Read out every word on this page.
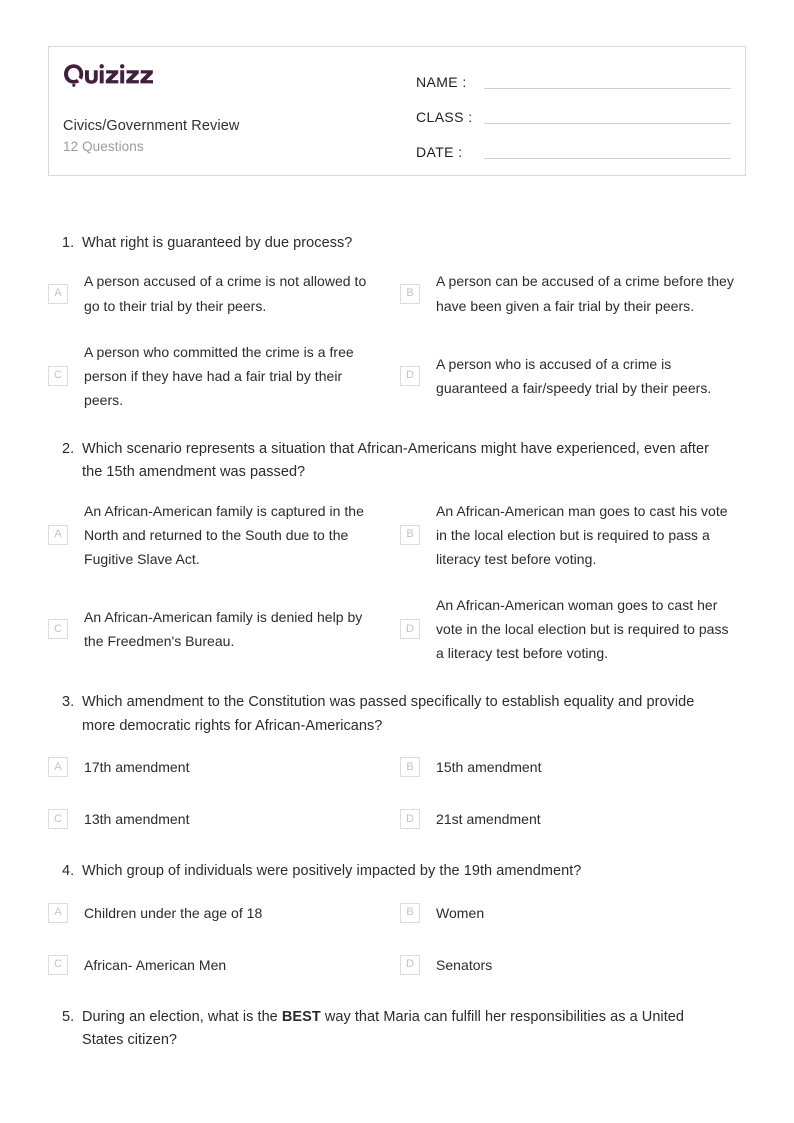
Civics/Government Review
12 Questions
NAME :
CLASS :
DATE :
1. What right is guaranteed by due process?
A
A person accused of a crime is not allowed to go to their trial by their peers.
B
A person can be accused of a crime before they have been given a fair trial by their peers.
C
A person who committed the crime is a free person if they have had a fair trial by their peers.
D
A person who is accused of a crime is guaranteed a fair/speedy trial by their peers.
2. Which scenario represents a situation that African-Americans might have experienced, even after the 15th amendment was passed?
A
An African-American family is captured in the North and returned to the South due to the Fugitive Slave Act.
B
An African-American man goes to cast his vote in the local election but is required to pass a literacy test before voting.
C
An African-American family is denied help by the Freedmen's Bureau.
D
An African-American woman goes to cast her vote in the local election but is required to pass a literacy test before voting.
3. Which amendment to the Constitution was passed specifically to establish equality and provide more democratic rights for African-Americans?
A	17th amendment	B	15th amendment
C	13th amendment	D	21st amendment
4. Which group of individuals were positively impacted by the 19th amendment?
A	Children under the age of 18	B	Women
C	African- American Men	D	Senators
5. During an election, what is the BEST way that Maria can fulfill her responsibilities as a United States citizen?
